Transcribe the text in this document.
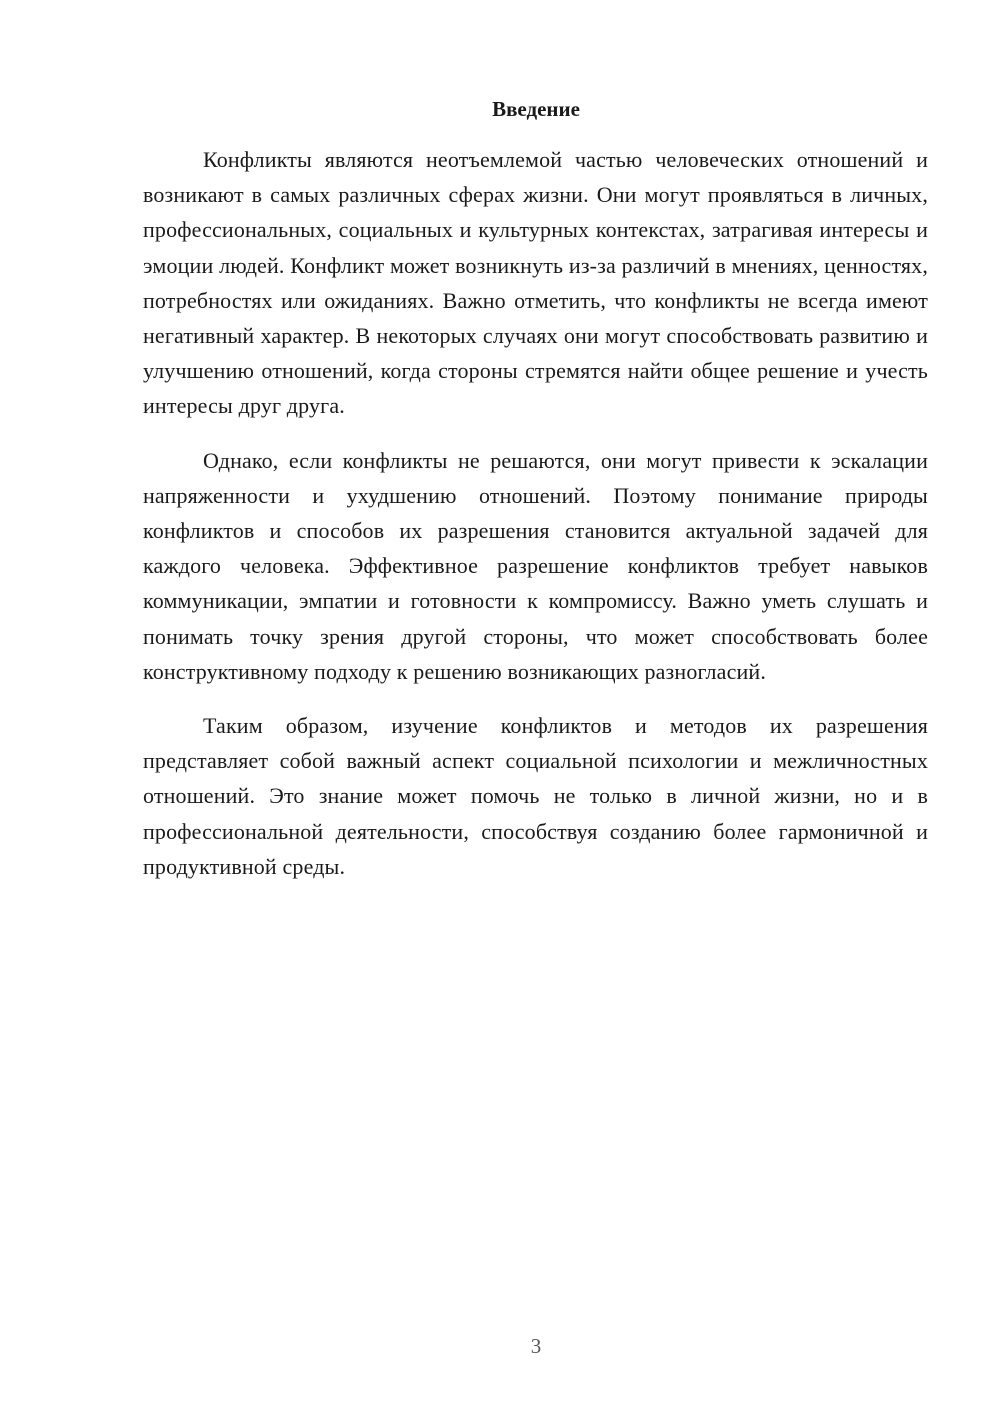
Введение

Конфликты являются неотъемлемой частью человеческих отношений и возникают в самых различных сферах жизни. Они могут проявляться в личных, профессиональных, социальных и культурных контекстах, затрагивая интересы и эмоции людей. Конфликт может возникнуть из-за различий в мнениях, ценностях, потребностях или ожиданиях. Важно отметить, что конфликты не всегда имеют негативный характер. В некоторых случаях они могут способствовать развитию и улучшению отношений, когда стороны стремятся найти общее решение и учесть интересы друг друга.

Однако, если конфликты не решаются, они могут привести к эскалации напряженности и ухудшению отношений. Поэтому понимание природы конфликтов и способов их разрешения становится актуальной задачей для каждого человека. Эффективное разрешение конфликтов требует навыков коммуникации, эмпатии и готовности к компромиссу. Важно уметь слушать и понимать точку зрения другой стороны, что может способствовать более конструктивному подходу к решению возникающих разногласий.

Таким образом, изучение конфликтов и методов их разрешения представляет собой важный аспект социальной психологии и межличностных отношений. Это знание может помочь не только в личной жизни, но и в профессиональной деятельности, способствуя созданию более гармоничной и продуктивной среды.

3
